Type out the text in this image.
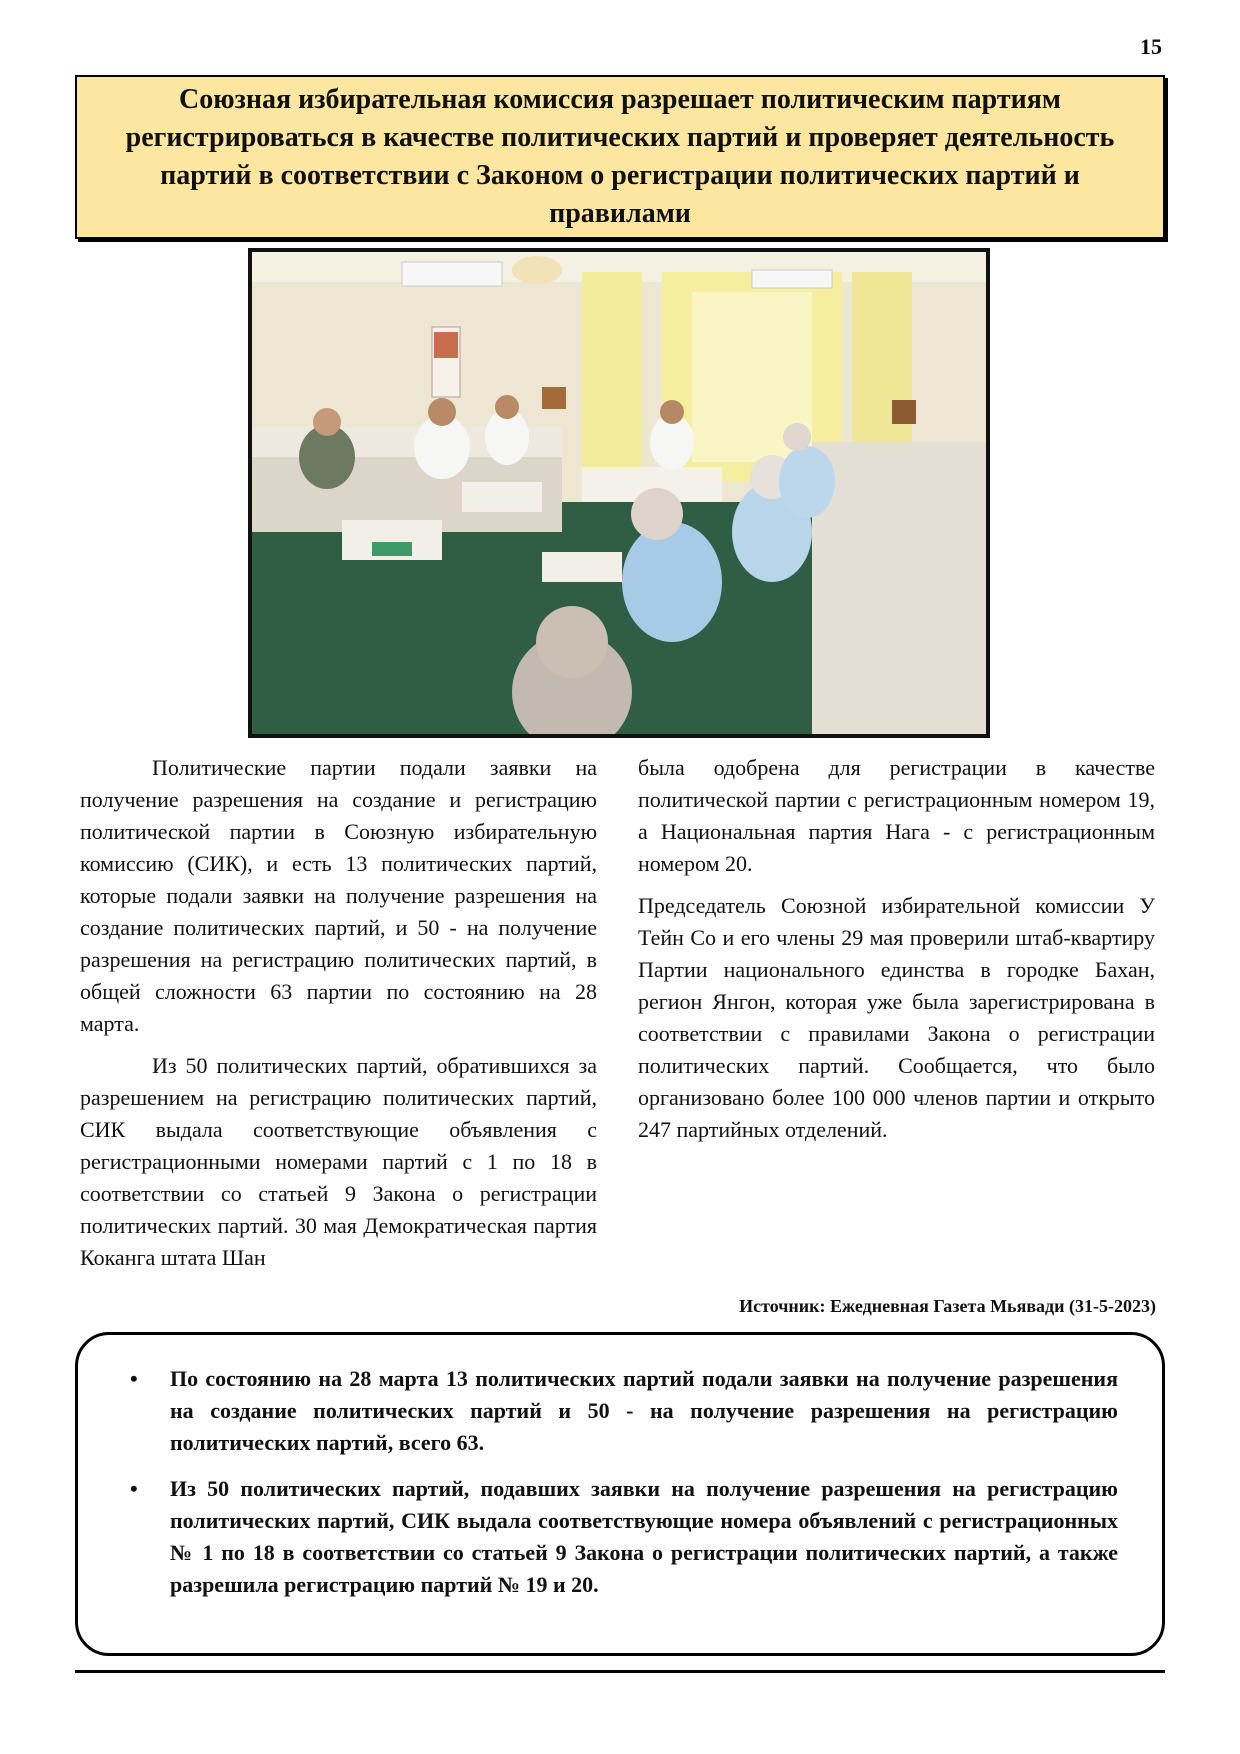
15
Союзная избирательная комиссия разрешает политическим партиям регистрироваться в качестве политических партий и проверяет деятельность партий в соответствии с Законом о регистрации политических партий и правилами

Политические партии подали заявки на получение разрешения на создание и регистрацию политической партии в Союзную избирательную комиссию (СИК), и есть 13 политических партий, которые подали заявки на получение разрешения на создание политических партий, и 50 - на получение разрешения на регистрацию политических партий, в общей сложности 63 партии по состоянию на 28 марта.

Из 50 политических партий, обратившихся за разрешением на регистрацию политических партий, СИК выдала соответствующие объявления с регистрационными номерами партий с 1 по 18 в соответствии со статьей 9 Закона о регистрации политических партий. 30 мая Демократическая партия Коканга штата Шан

была одобрена для регистрации в качестве политической партии с регистрационным номером 19, а Национальная партия Нага - с регистрационным номером 20.

Председатель Союзной избирательной комиссии У Тейн Со и его члены 29 мая проверили штаб-квартиру Партии национального единства в городке Бахан, регион Янгон, которая уже была зарегистрирована в соответствии с правилами Закона о регистрации политических партий. Сообщается, что было организовано более 100 000 членов партии и открыто 247 партийных отделений.

Источник: Ежедневная Газета Мьявади (31-5-2023)
• По состоянию на 28 марта 13 политических партий подали заявки на получение разрешения на создание политических партий и 50 - на получение разрешения на регистрацию политических партий, всего 63.
• Из 50 политических партий, подавших заявки на получение разрешения на регистрацию политических партий, СИК выдала соответствующие номера объявлений с регистрационных № 1 по 18 в соответствии со статьей 9 Закона о регистрации политических партий, а также разрешила регистрацию партий № 19 и 20.
